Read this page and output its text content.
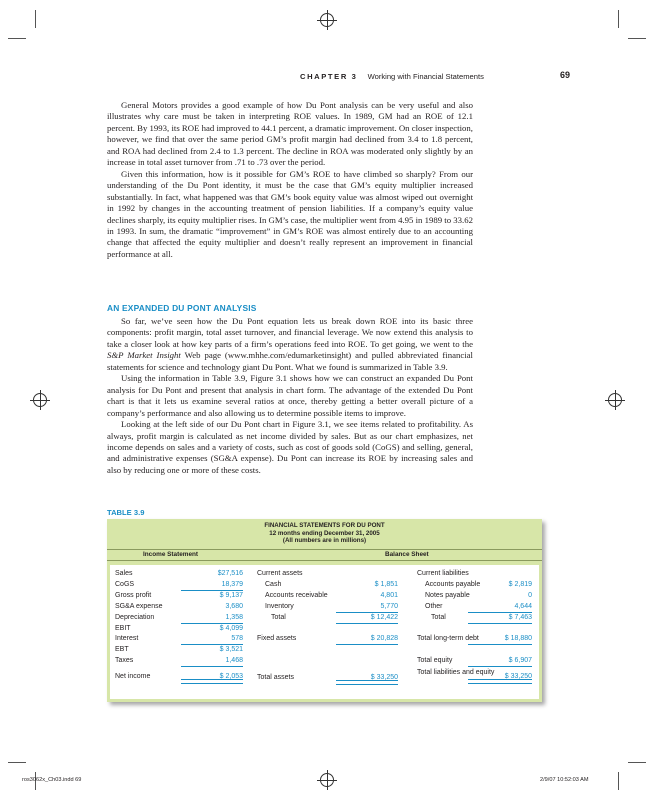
CHAPTER 3 Working with Financial Statements	69

General Motors provides a good example of how Du Pont analysis can be very useful and also illustrates why care must be taken in interpreting ROE values. In 1989, GM had an ROE of 12.1 percent. By 1993, its ROE had improved to 44.1 percent, a dramatic improvement. On closer inspection, however, we find that over the same period GM’s profit margin had declined from 3.4 to 1.8 percent, and ROA had declined from 2.4 to 1.3 percent. The decline in ROA was moderated only slightly by an increase in total asset turnover from .71 to .73 over the period.

Given this information, how is it possible for GM’s ROE to have climbed so sharply? From our understanding of the Du Pont identity, it must be the case that GM’s equity multiplier increased substantially. In fact, what happened was that GM’s book equity value was almost wiped out overnight in 1992 by changes in the accounting treatment of pension liabilities. If a company’s equity value declines sharply, its equity multiplier rises. In GM’s case, the multiplier went from 4.95 in 1989 to 33.62 in 1993. In sum, the dramatic “improvement” in GM’s ROE was almost entirely due to an accounting change that affected the equity multiplier and doesn’t really represent an improvement in financial performance at all.

AN EXPANDED DU PONT ANALYSIS

So far, we’ve seen how the Du Pont equation lets us break down ROE into its basic three components: profit margin, total asset turnover, and financial leverage. We now extend this analysis to take a closer look at how key parts of a firm’s operations feed into ROE. To get going, we went to the S&P Market Insight Web page (www.mhhe.com/edumarketinsight) and pulled abbreviated financial statements for science and technology giant Du Pont. What we found is summarized in Table 3.9.

Using the information in Table 3.9, Figure 3.1 shows how we can construct an expanded Du Pont analysis for Du Pont and present that analysis in chart form. The advantage of the extended Du Pont chart is that it lets us examine several ratios at once, thereby getting a better overall picture of a company’s performance and also allowing us to determine possible items to improve.

Looking at the left side of our Du Pont chart in Figure 3.1, we see items related to profitability. As always, profit margin is calculated as net income divided by sales. But as our chart emphasizes, net income depends on sales and a variety of costs, such as cost of goods sold (CoGS) and selling, general, and administrative expenses (SG&A expense). Du Pont can increase its ROE by increasing sales and also by reducing one or more of these costs.

TABLE 3.9
FINANCIAL STATEMENTS FOR DU PONT
12 months ending December 31, 2005
(All numbers are in millions)
Income Statement	Balance Sheet
Sales	$27,516
CoGS	18,379
Gross profit	$ 9,137
SG&A expense	3,680
Depreciation	1,358
EBIT	$ 4,099
Interest	578
EBT	$ 3,521
Taxes	1,468
Net income	$ 2,053
Current assets
Cash	$ 1,851
Accounts receivable	4,801
Inventory	5,770
Total	$ 12,422
Fixed assets	$ 20,828
Total assets	$ 33,250
Current liabilities
Accounts payable	$ 2,819
Notes payable	0
Other	4,644
Total	$ 7,463
Total long-term debt	$ 18,880
Total equity	$ 6,907
Total liabilities and equity
$ 33,250
ros3062x_Ch03.indd 69	2/9/07 10:52:03 AM
